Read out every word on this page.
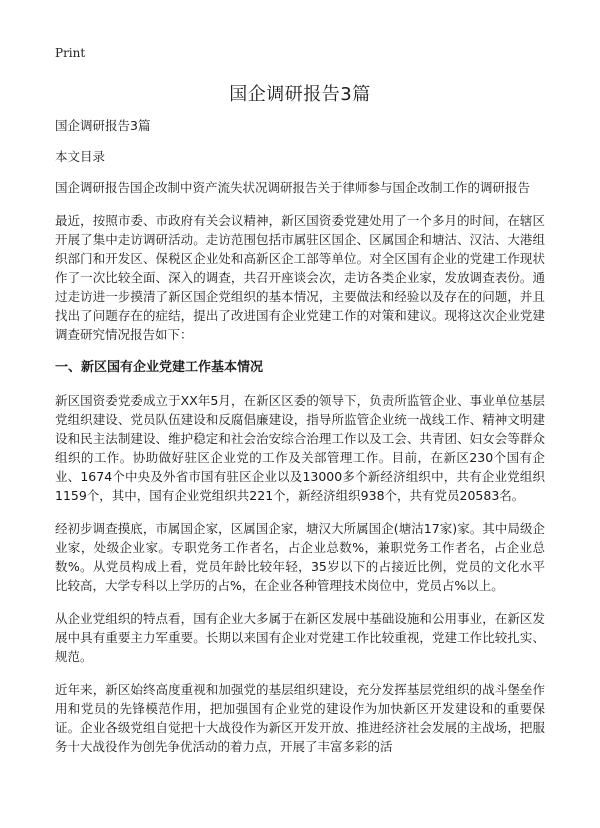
Print
国企调研报告3篇

国企调研报告3篇

本文目录

国企调研报告国企改制中资产流失状况调研报告关于律师参与国企改制工作的调研报告

最近，按照市委、市政府有关会议精神，新区国资委党建处用了一个多月的时间，在辖区开展了集中走访调研活动。走访范围包括市属驻区国企、区属国企和塘沽、汉沽、大港组织部门和开发区、保税区企业处和高新区企工部等单位。对全区国有企业的党建工作现状作了一次比较全面、深入的调查，共召开座谈会次，走访各类企业家，发放调查表份。通过走访进一步摸清了新区国企党组织的基本情况，主要做法和经验以及存在的问题，并且找出了问题存在的症结，提出了改进国有企业党建工作的对策和建议。现将这次企业党建调查研究情况报告如下：

一、新区国有企业党建工作基本情况

新区国资委党委成立于XX年5月，在新区区委的领导下，负责所监管企业、事业单位基层党组织建设、党员队伍建设和反腐倡廉建设，指导所监管企业统一战线工作、精神文明建设和民主法制建设、维护稳定和社会治安综合治理工作以及工会、共青团、妇女会等群众组织的工作。协助做好驻区企业党的工作及关部管理工作。目前，在新区230个国有企业、1674个中央及外省市国有驻区企业以及13000多个新经济组织中，共有企业党组织1159个，其中，国有企业党组织共221个，新经济组织938个，共有党员20583名。

经初步调查摸底，市属国企家，区属国企家，塘汉大所属国企(塘沽17家)家。其中局级企业家，处级企业家。专职党务工作者名，占企业总数%，兼职党务工作者名，占企业总数%。从党员构成上看，党员年龄比较年轻，35岁以下的占接近比例，党员的文化水平比较高，大学专科以上学历的占%，在企业各种管理技术岗位中，党员占%以上。

从企业党组织的特点看，国有企业大多属于在新区发展中基础设施和公用事业，在新区发展中具有重要主力军重要。长期以来国有企业对党建工作比较重视，党建工作比较扎实、规范。

近年来，新区始终高度重视和加强党的基层组织建设，充分发挥基层党组织的战斗堡垒作用和党员的先锋模范作用，把加强国有企业党的建设作为加快新区开发建设和的重要保证。企业各级党组自觉把十大战役作为新区开发开放、推进经济社会发展的主战场，把服务十大战役作为创先争优活动的着力点，开展了丰富多彩的活
